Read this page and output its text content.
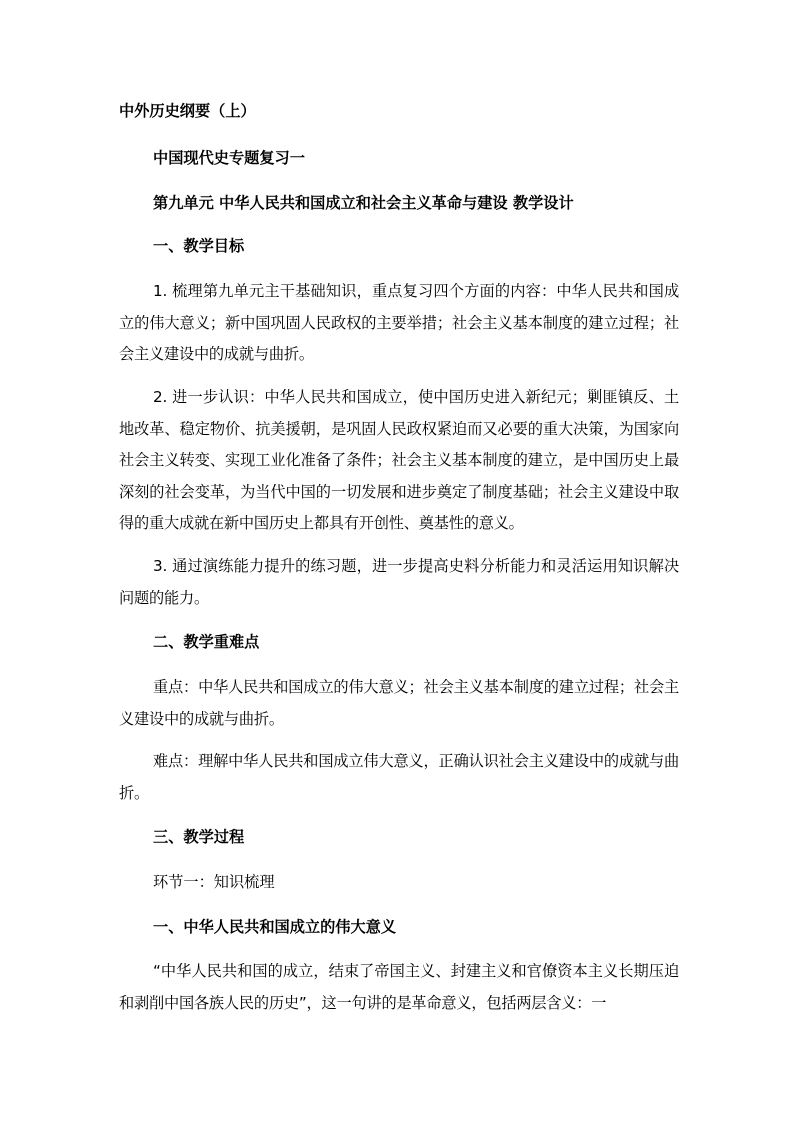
中外历史纲要（上）
中国现代史专题复习一
第九单元 中华人民共和国成立和社会主义革命与建设 教学设计
一、教学目标

1. 梳理第九单元主干基础知识，重点复习四个方面的内容：中华人民共和国成立的伟大意义；新中国巩固人民政权的主要举措；社会主义基本制度的建立过程；社会主义建设中的成就与曲折。

2. 进一步认识：中华人民共和国成立，使中国历史进入新纪元；剿匪镇反、土地改革、稳定物价、抗美援朝，是巩固人民政权紧迫而又必要的重大决策，为国家向社会主义转变、实现工业化准备了条件；社会主义基本制度的建立，是中国历史上最深刻的社会变革，为当代中国的一切发展和进步奠定了制度基础；社会主义建设中取得的重大成就在新中国历史上都具有开创性、奠基性的意义。

3. 通过演练能力提升的练习题，进一步提高史料分析能力和灵活运用知识解决问题的能力。

二、教学重难点

重点：中华人民共和国成立的伟大意义；社会主义基本制度的建立过程；社会主义建设中的成就与曲折。

难点：理解中华人民共和国成立伟大意义，正确认识社会主义建设中的成就与曲折。

三、教学过程
环节一：知识梳理
一、中华人民共和国成立的伟大意义

“中华人民共和国的成立，结束了帝国主义、封建主义和官僚资本主义长期压迫和剥削中国各族人民的历史”，这一句讲的是革命意义，包括两层含义：一
